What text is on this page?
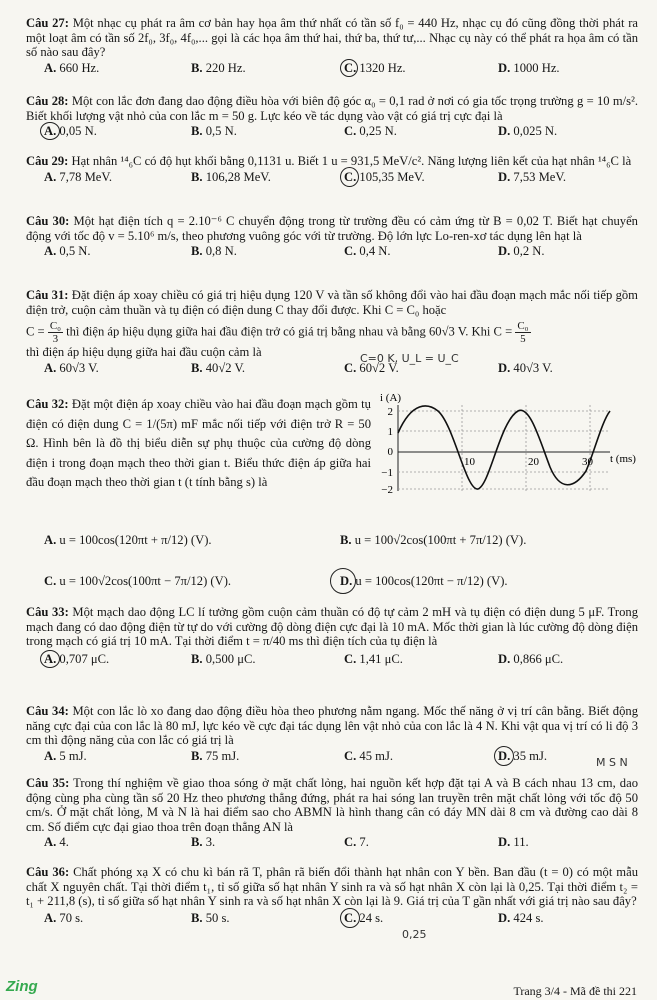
Câu 27: Một nhạc cụ phát ra âm cơ bản hay họa âm thứ nhất có tần số f₀ = 440 Hz, nhạc cụ đó cũng đồng thời phát ra một loạt âm có tần số 2f₀, 3f₀, 4f₀,... gọi là các họa âm thứ hai, thứ ba, thứ tư,... Nhạc cụ này có thể phát ra họa âm có tần số nào sau đây?
A. 660 Hz.	B. 220 Hz.	C. 1320 Hz.	D. 1000 Hz.
Câu 28: Một con lắc đơn đang dao động điều hòa với biên độ góc α₀ = 0,1 rad ở nơi có gia tốc trọng trường g = 10 m/s². Biết khối lượng vật nhỏ của con lắc m = 50 g. Lực kéo về tác dụng vào vật có giá trị cực đại là
A. 0,05 N.	B. 0,5 N.	C. 0,25 N.	D. 0,025 N.
Câu 29: Hạt nhân ¹⁴₆C có độ hụt khối bằng 0,1131 u. Biết 1 u = 931,5 MeV/c². Năng lượng liên kết của hạt nhân ¹⁴₆C là
A. 7,78 MeV.	B. 106,28 MeV.	C. 105,35 MeV.	D. 7,53 MeV.
Câu 30: Một hạt điện tích q = 2.10⁻⁶ C chuyển động trong từ trường đều có cảm ứng từ B = 0,02 T. Biết hạt chuyển động với tốc độ v = 5.10⁶ m/s, theo phương vuông góc với từ trường. Độ lớn lực Lo-ren-xơ tác dụng lên hạt là
A. 0,5 N.	B. 0,8 N.	C. 0,4 N.	D. 0,2 N.
Câu 31: Đặt điện áp xoay chiều có giá trị hiệu dụng 120 V và tần số không đổi vào hai đầu đoạn mạch mắc nối tiếp gồm điện trở, cuộn cảm thuần và tụ điện có điện dung C thay đổi được. Khi C = C₀ hoặc
$C = \frac{\text{C₀}}{3}$ thì điện áp hiệu dụng giữa hai đầu điện trở có giá trị bằng nhau và bằng 60√3 V. Khi $C = \frac{\text{C₀}}{5}$
thì điện áp hiệu dụng giữa hai đầu cuộn cảm là
A. 60√3 V.	B. 40√2 V.	C. 60√2 V.	D. 40√3 V.
C=0 K, U_L = U_C
Câu 32: Đặt một điện áp xoay chiều vào hai đầu đoạn mạch gồm tụ điện có điện dung C = 1/(5π) mF mắc nối tiếp với điện trở R = 50 Ω. Hình bên là đồ thị biểu diễn sự phụ thuộc của cường độ dòng điện i trong đoạn mạch theo thời gian t. Biểu thức điện áp giữa hai đầu đoạn mạch theo thời gian t (t tính bằng s) là
i (A)
t (ms)
2
1
0
−1
−2
10	20	30
A. u = 100cos(120πt + π/12) (V).	B. u = 100√2cos(100πt + 7π/12) (V).
C. u = 100√2cos(100πt − 7π/12) (V).	D. u = 100cos(120πt − π/12) (V).
Câu 33: Một mạch dao động LC lí tưởng gồm cuộn cảm thuần có độ tự cảm 2 mH và tụ điện có điện dung 5 μF. Trong mạch đang có dao động điện từ tự do với cường độ dòng điện cực đại là 10 mA. Mốc thời gian là lúc cường độ dòng điện trong mạch có giá trị 10 mA. Tại thời điểm t = π/40 ms thì điện tích của tụ điện là
A. 0,707 μC.	B. 0,500 μC.	C. 1,41 μC.	D. 0,866 μC.
Câu 34: Một con lắc lò xo đang dao động điều hòa theo phương nằm ngang. Mốc thế năng ở vị trí cân bằng. Biết động năng cực đại của con lắc là 80 mJ, lực kéo về cực đại tác dụng lên vật nhỏ của con lắc là 4 N. Khi vật qua vị trí có li độ 3 cm thì động năng của con lắc có giá trị là
A. 5 mJ.	B. 75 mJ.	C. 45 mJ.	D. 35 mJ.	M S N
Câu 35: Trong thí nghiệm về giao thoa sóng ở mặt chất lỏng, hai nguồn kết hợp đặt tại A và B cách nhau 13 cm, dao động cùng pha cùng tần số 20 Hz theo phương thẳng đứng, phát ra hai sóng lan truyền trên mặt chất lỏng với tốc độ 50 cm/s. Ở mặt chất lỏng, M và N là hai điểm sao cho ABMN là hình thang cân có đáy MN dài 8 cm và đường cao dài 8 cm. Số điểm cực đại giao thoa trên đoạn thẳng AN là
A. 4.	B. 3.	C. 7.	D. 11.
Câu 36: Chất phóng xạ X có chu kì bán rã T, phân rã biến đổi thành hạt nhân con Y bền. Ban đầu (t = 0) có một mẫu chất X nguyên chất. Tại thời điểm t₁, tỉ số giữa số hạt nhân Y sinh ra và số hạt nhân X còn lại là 0,25. Tại thời điểm t₂ = t₁ + 211,8 (s), tỉ số giữa số hạt nhân Y sinh ra và số hạt nhân X còn lại là 9. Giá trị của T gần nhất với giá trị nào sau đây?
A. 70 s.	B. 50 s.	C. 24 s.	D. 424 s.
0,25
Zing	Trang 3/4 - Mã đề thi 221
